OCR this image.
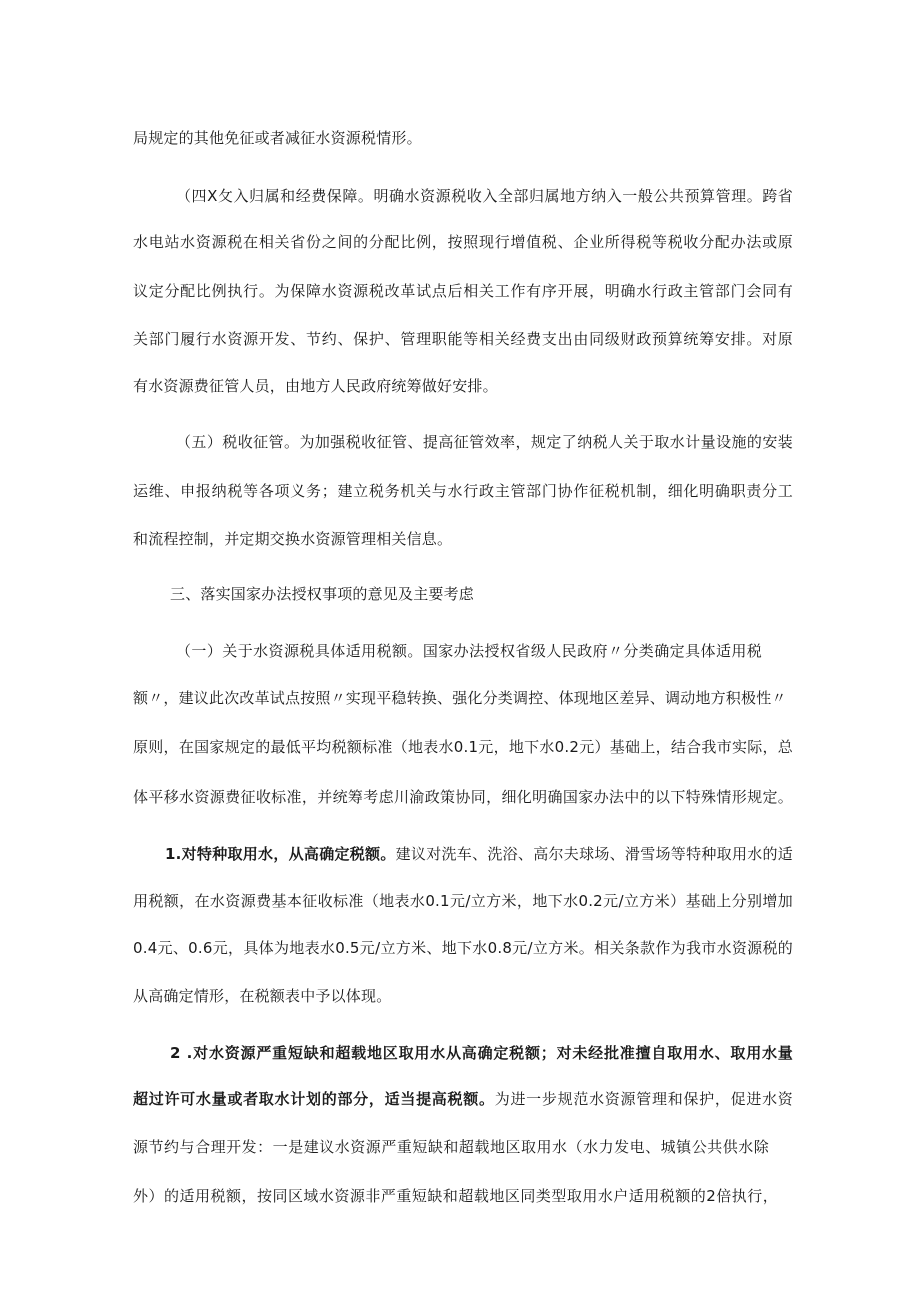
局规定的其他免征或者减征水资源税情形。
（四X攵入归属和经费保障。明确水资源税收入全部归属地方纳入一般公共预算管理。跨省
水电站水资源税在相关省份之间的分配比例，按照现行增值税、企业所得税等税收分配办法或原
议定分配比例执行。为保障水资源税改革试点后相关工作有序开展，明确水行政主管部门会同有
关部门履行水资源开发、节约、保护、管理职能等相关经费支出由同级财政预算统筹安排。对原
有水资源费征管人员，由地方人民政府统筹做好安排。
（五）税收征管。为加强税收征管、提高征管效率，规定了纳税人关于取水计量设施的安装
运维、申报纳税等各项义务；建立税务机关与水行政主管部门协作征税机制，细化明确职责分工
和流程控制，并定期交换水资源管理相关信息。
三、落实国家办法授权事项的意见及主要考虑
（一）关于水资源税具体适用税额。国家办法授权省级人民政府〃分类确定具体适用税
额〃，建议此次改革试点按照〃实现平稳转换、强化分类调控、体现地区差异、调动地方积极性〃
原则，在国家规定的最低平均税额标准（地表水0.1元，地下水0.2元）基础上，结合我市实际，总
体平移水资源费征收标准，并统筹考虑川渝政策协同，细化明确国家办法中的以下特殊情形规定。
1.对特种取用水，从高确定税额。建议对洗车、洗浴、高尔夫球场、滑雪场等特种取用水的适
用税额，在水资源费基本征收标准（地表水0.1元/立方米，地下水0.2元/立方米）基础上分别增加
0.4元、0.6元，具体为地表水0.5元/立方米、地下水0.8元/立方米。相关条款作为我市水资源税的
从高确定情形，在税额表中予以体现。
2 .对水资源严重短缺和超载地区取用水从高确定税额；对未经批准擅自取用水、取用水量
超过许可水量或者取水计划的部分，适当提高税额。为进一步规范水资源管理和保护，促进水资
源节约与合理开发：一是建议水资源严重短缺和超载地区取用水（水力发电、城镇公共供水除
外）的适用税额，按同区域水资源非严重短缺和超载地区同类型取用水户适用税额的2倍执行，
